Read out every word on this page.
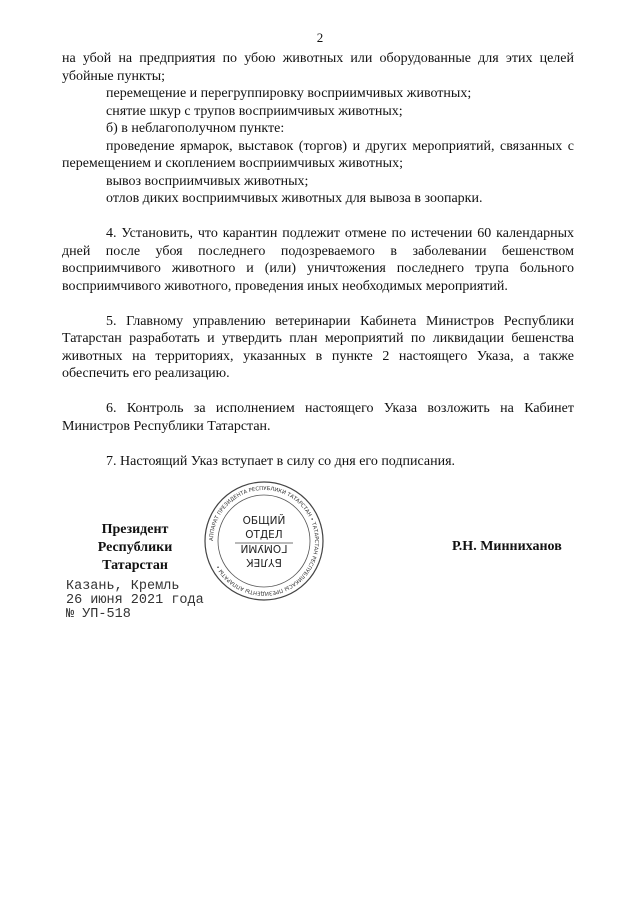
2

на убой на предприятия по убою животных или оборудованные для этих целей убойные пункты;

перемещение и перегруппировку восприимчивых животных;

снятие шкур с трупов восприимчивых животных;

б) в неблагополучном пункте:

проведение ярмарок, выставок (торгов) и других мероприятий, связанных с перемещением и скоплением восприимчивых животных;

вывоз восприимчивых животных;

отлов диких восприимчивых животных для вывоза в зоопарки.

4. Установить, что карантин подлежит отмене по истечении 60 календарных дней после убоя последнего подозреваемого в заболевании бешенством восприимчивого животного и (или) уничтожения последнего трупа больного восприимчивого животного, проведения иных необходимых мероприятий.

5. Главному управлению ветеринарии Кабинета Министров Республики Татарстан разработать и утвердить план мероприятий по ликвидации бешенства животных на территориях, указанных в пункте 2 настоящего Указа, а также обеспечить его реализацию.

6. Контроль за исполнением настоящего Указа возложить на Кабинет Министров Республики Татарстан.

7. Настоящий Указ вступает в силу со дня его подписания.

АППАРАТ ПРЕЗИДЕНТА РЕСПУБЛИКИ ТАТАРСТАН • ТАТАРСТАН РЕСПУБЛИКАСЫ ПРЕЗИДЕНТЫ АППАРАТЫ •
ОБЩИЙ
ОТДЕЛ
БҮЛЕК
ГОМУМИ
Президент
Республики Татарстан
Р.Н. Минниханов
Казань, Кремль
26 июня 2021 года
№ УП-518
